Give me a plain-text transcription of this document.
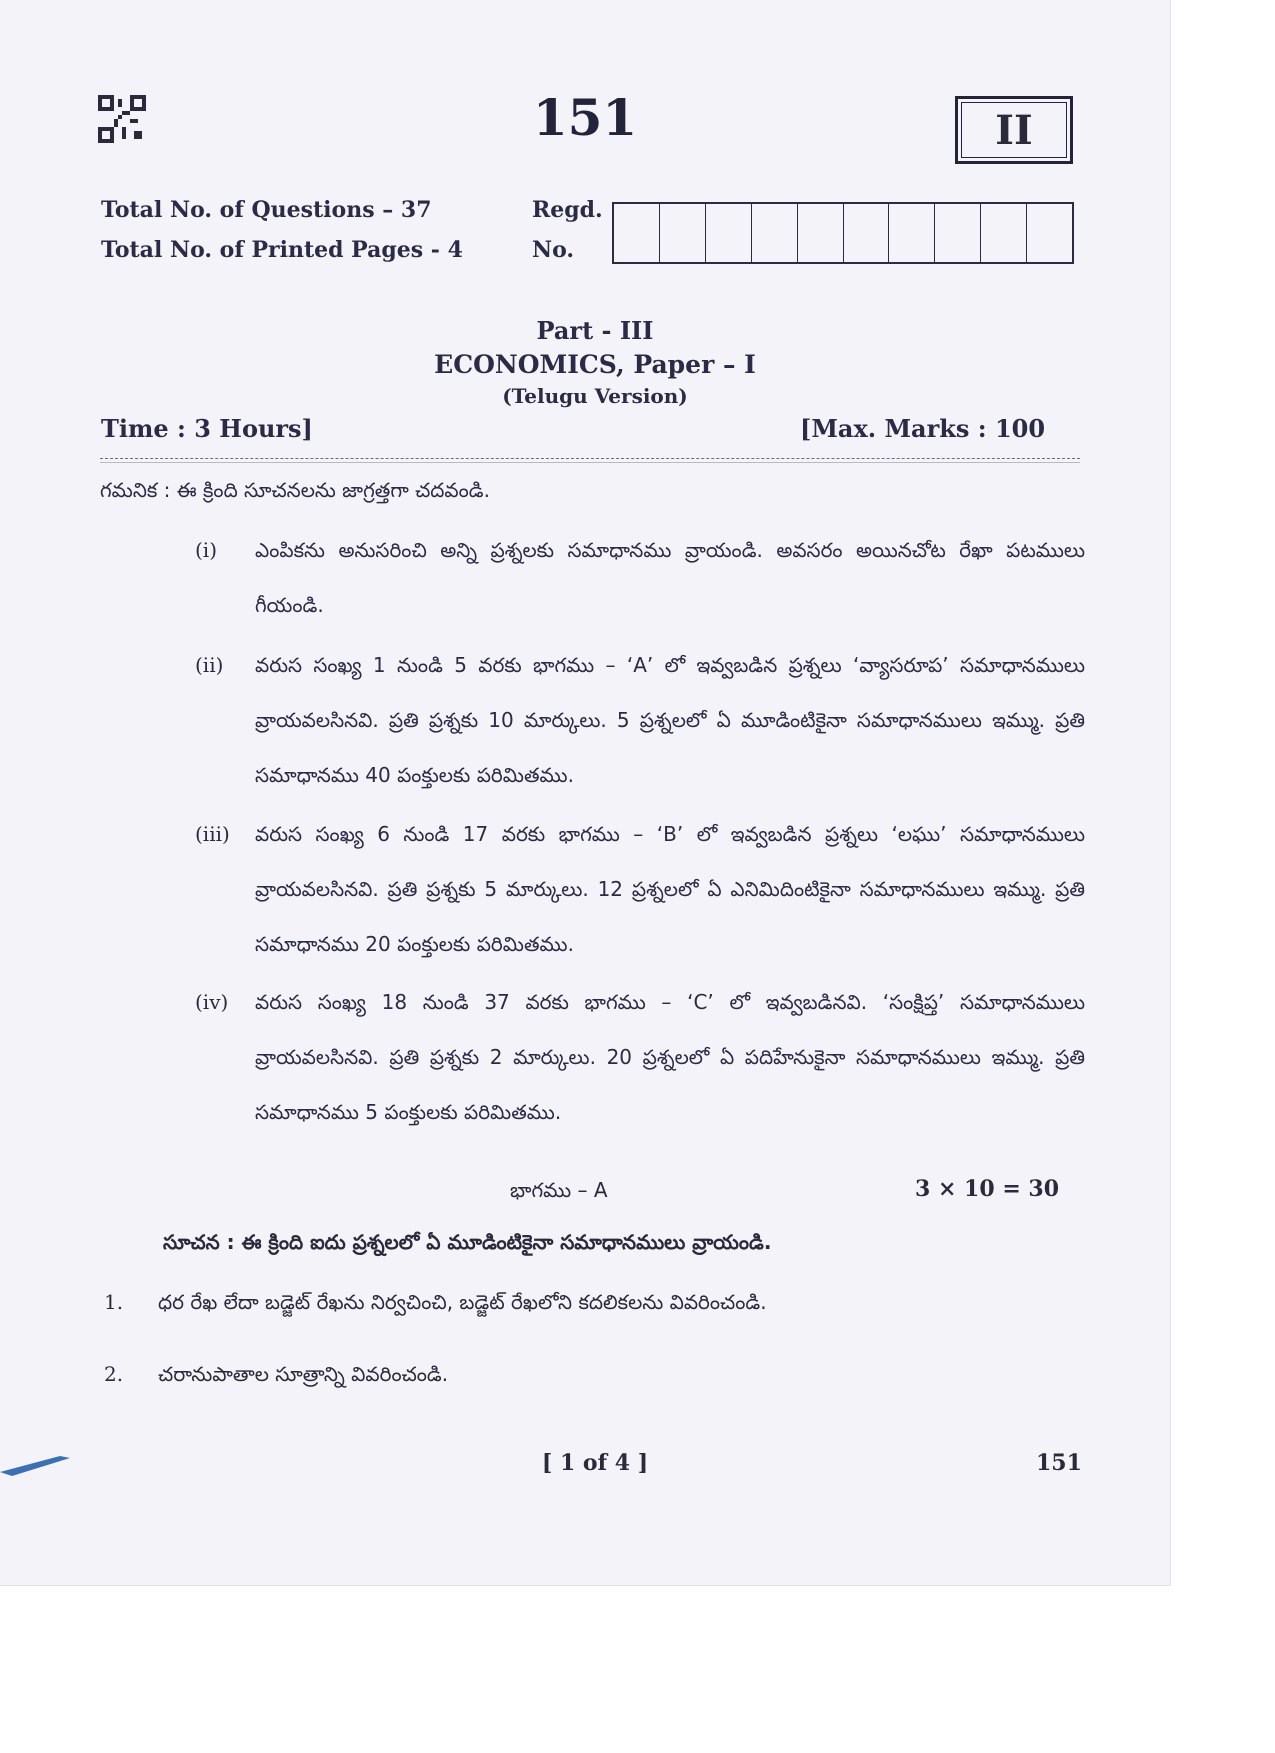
151	II
Total No. of Questions – 37
Total No. of Printed Pages - 4
Regd.
No.
Part - III
ECONOMICS, Paper – I
(Telugu Version)
Time : 3 Hours]	[Max. Marks : 100
గమనిక : ఈ క్రింది సూచనలను జాగ్రత్తగా చదవండి.
(i) ఎంపికను అనుసరించి అన్ని ప్రశ్నలకు సమాధానము వ్రాయండి. అవసరం అయినచోట రేఖా పటములు గీయండి.
(ii) వరుస సంఖ్య 1 నుండి 5 వరకు భాగము – ‘A’ లో ఇవ్వబడిన ప్రశ్నలు ‘వ్యాసరూప’ సమాధానములు వ్రాయవలసినవి. ప్రతి ప్రశ్నకు 10 మార్కులు. 5 ప్రశ్నలలో ఏ మూడింటికైనా సమాధానములు ఇమ్ము. ప్రతి సమాధానము 40 పంక్తులకు పరిమితము.
(iii) వరుస సంఖ్య 6 నుండి 17 వరకు భాగము – ‘B’ లో ఇవ్వబడిన ప్రశ్నలు ‘లఘు’ సమాధానములు వ్రాయవలసినవి. ప్రతి ప్రశ్నకు 5 మార్కులు. 12 ప్రశ్నలలో ఏ ఎనిమిదింటికైనా సమాధానములు ఇమ్ము. ప్రతి సమాధానము 20 పంక్తులకు పరిమితము.
(iv) వరుస సంఖ్య 18 నుండి 37 వరకు భాగము – ‘C’ లో ఇవ్వబడినవి. ‘సంక్షిప్త’ సమాధానములు వ్రాయవలసినవి. ప్రతి ప్రశ్నకు 2 మార్కులు. 20 ప్రశ్నలలో ఏ పదిహేనుకైనా సమాధానములు ఇమ్ము. ప్రతి సమాధానము 5 పంక్తులకు పరిమితము.
భాగము – A	3 × 10 = 30
సూచన : ఈ క్రింది ఐదు ప్రశ్నలలో ఏ మూడింటికైనా సమాధానములు వ్రాయండి.
1. ధర రేఖ లేదా బడ్జెట్ రేఖను నిర్వచించి, బడ్జెట్ రేఖలోని కదలికలను వివరించండి.
2. చరానుపాతాల సూత్రాన్ని వివరించండి.
[ 1 of 4 ]	151
